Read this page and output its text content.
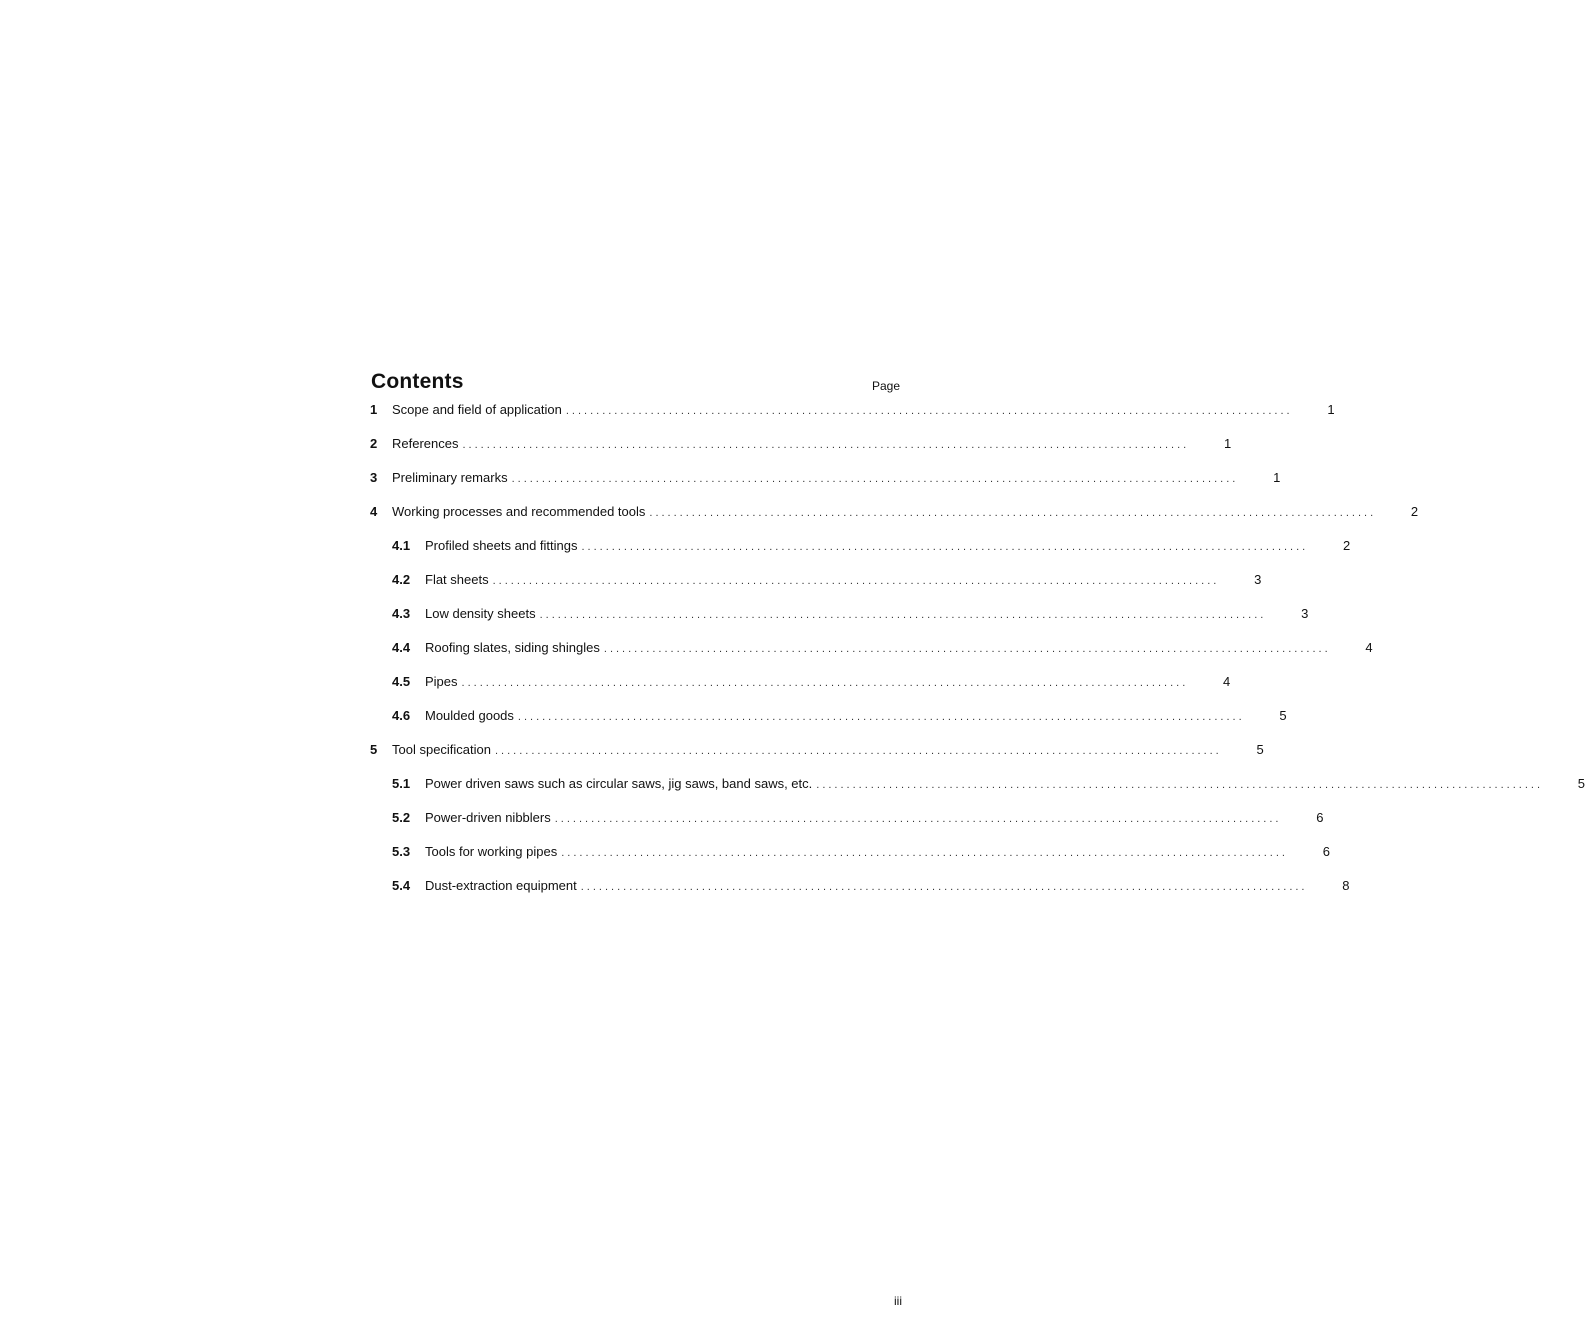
Contents	Page
1	Scope and field of application ........................................................................................................................	1
2	References ........................................................................................................................	1
3	Preliminary remarks ........................................................................................................................	1
4	Working processes and recommended tools ........................................................................................................................	2
4.1	Profiled sheets and fittings ........................................................................................................................	2
4.2	Flat sheets ........................................................................................................................	3
4.3	Low density sheets ........................................................................................................................	3
4.4	Roofing slates, siding shingles ........................................................................................................................	4
4.5	Pipes ........................................................................................................................	4
4.6	Moulded goods ........................................................................................................................	5
5	Tool specification ........................................................................................................................	5
5.1	Power driven saws such as circular saws, jig saws, band saws, etc. ........................................................................................................................	5
5.2	Power-driven nibblers ........................................................................................................................	6
5.3	Tools for working pipes ........................................................................................................................	6
5.4	Dust-extraction equipment ........................................................................................................................	8
iii
